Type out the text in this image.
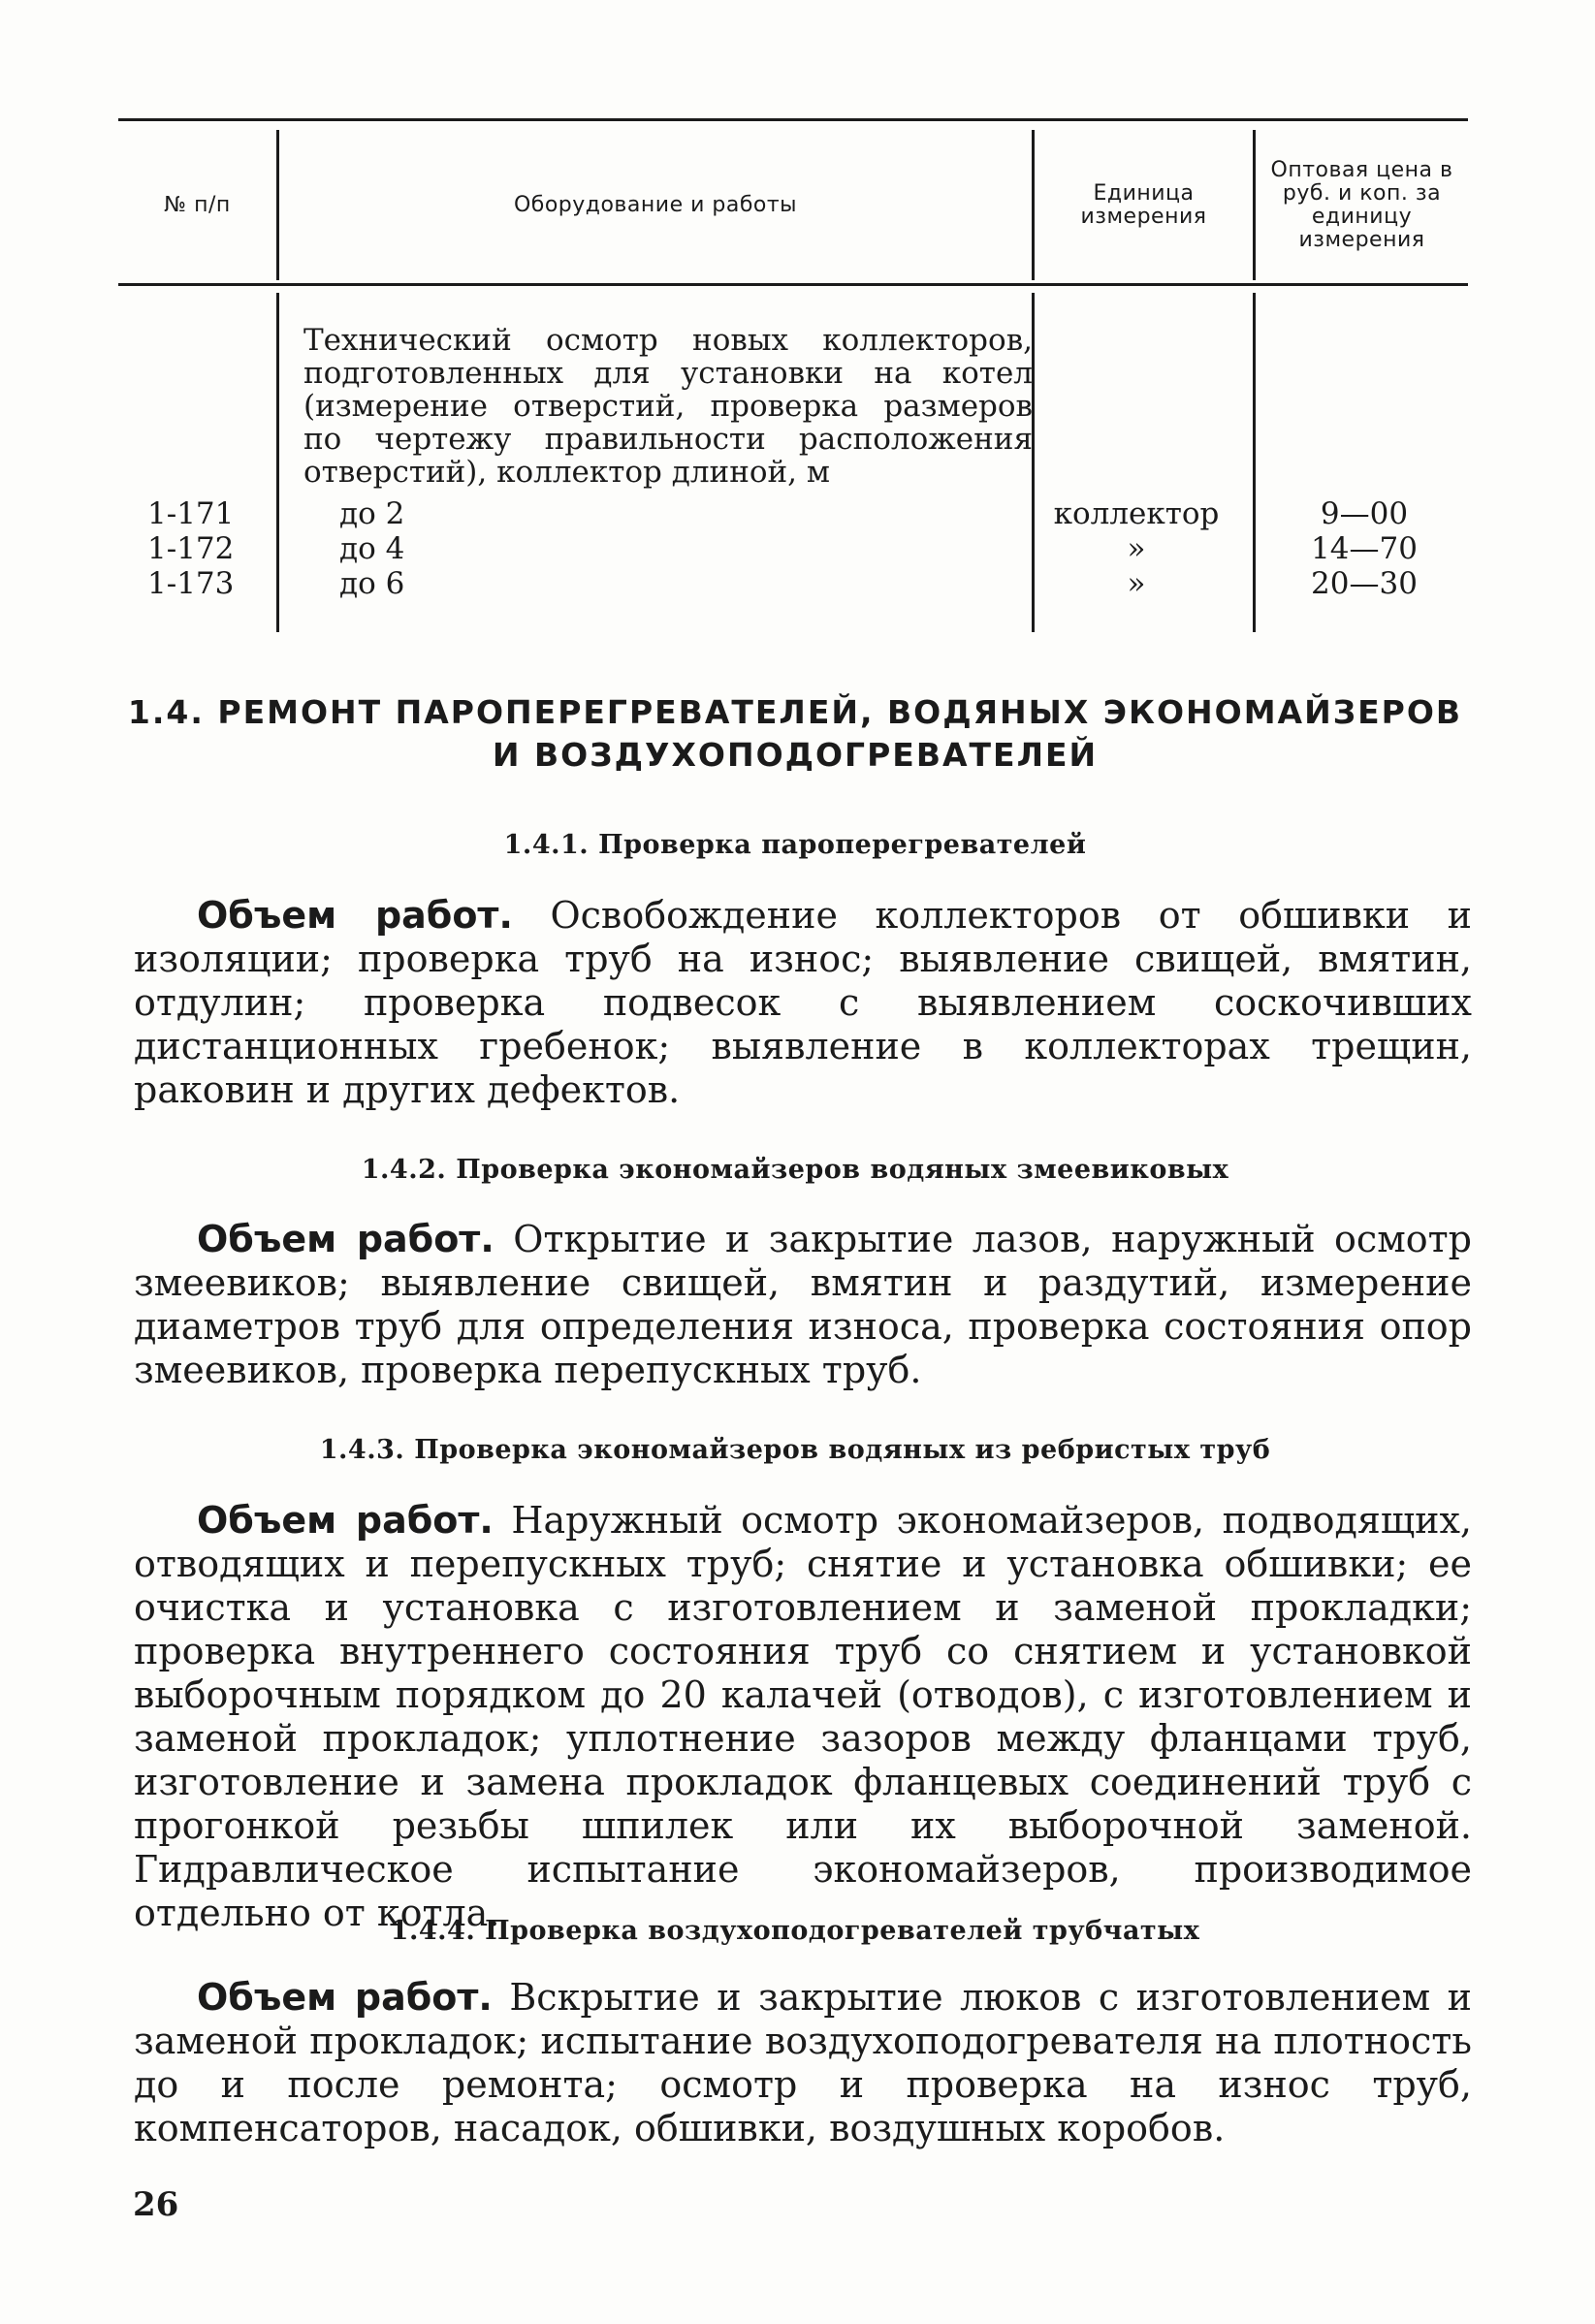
№ п/п	Оборудование и работы	Единица измерения
Оптовая цена в руб. и коп. за единицу измерения
Технический осмотр новых коллекторов, подготовленных для установки на котел (измерение отверстий, проверка размеров по чертежу правильности расположения отверстий), коллектор длиной, м
1-171
1-172
1-173
до 2
до 4
до 6
коллектор
»
»
9—00
14—70
20—30
1.4. РЕМОНТ ПАРОПЕРЕГРЕВАТЕЛЕЙ, ВОДЯНЫХ ЭКОНОМАЙЗЕРОВ
И ВОЗДУХОПОДОГРЕВАТЕЛЕЙ
1.4.1. Проверка пароперегревателей

Объем работ. Освобождение коллекторов от обшивки и изоляции; проверка труб на износ; выявление свищей, вмятин, отдулин; проверка подвесок с выявлением соскочивших дистанционных гребенок; выявление в коллекторах трещин, раковин и других дефектов.

1.4.2. Проверка экономайзеров водяных змеевиковых

Объем работ. Открытие и закрытие лазов, наружный осмотр змеевиков; выявление свищей, вмятин и раздутий, измерение диаметров труб для определения износа, проверка состояния опор змеевиков, проверка перепускных труб.

1.4.3. Проверка экономайзеров водяных из ребристых труб

Объем работ. Наружный осмотр экономайзеров, подводящих, отводящих и перепускных труб; снятие и установка обшивки; ее очистка и установка с изготовлением и заменой прокладки; проверка внутреннего состояния труб со снятием и установкой выборочным порядком до 20 калачей (отводов), с изготовлением и заменой прокладок; уплотнение зазоров между фланцами труб, изготовление и замена прокладок фланцевых соединений труб с прогонкой резьбы шпилек или их выборочной заменой. Гидравлическое испытание экономайзеров, производимое отдельно от котла.

1.4.4. Проверка воздухоподогревателей трубчатых

Объем работ. Вскрытие и закрытие люков с изготовлением и заменой прокладок; испытание воздухоподогревателя на плотность до и после ремонта; осмотр и проверка на износ труб, компенсаторов, насадок, обшивки, воздушных коробов.

26
